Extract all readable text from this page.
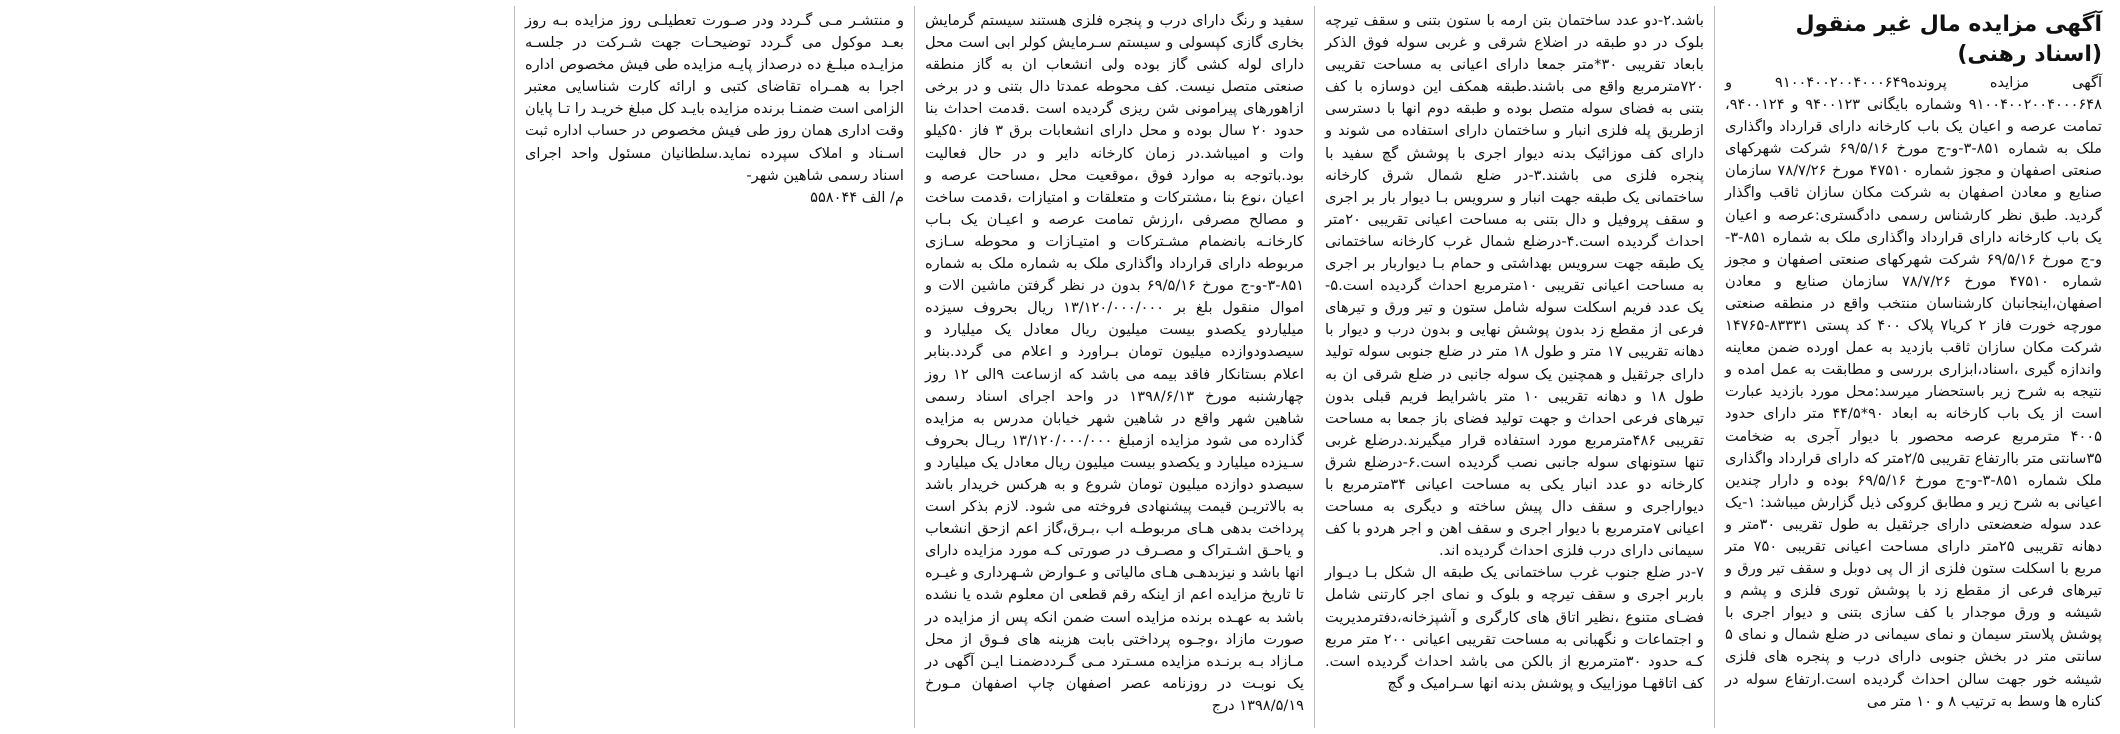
آگهی مزایده مال غیر منقول (اسناد رهنی)

آگهی مزایده پرونده۹۱۰۰۴۰۰۲۰۰۴۰۰۰۶۴۹ و ۹۱۰۰۴۰۰۲۰۰۴۰۰۰۶۴۸ وشماره بایگانی ۹۴۰۰۱۲۳ و ۹۴۰۰۱۲۴، تمامت عرصه و اعیان یک باب کارخانه دارای قرارداد واگذاری ملک به شماره ۸۵۱-۳-و-ج مورخ ۶۹/۵/۱۶ شرکت شهرکهای صنعتی اصفهان و مجوز شماره ۴۷۵۱۰ مورخ ۷۸/۷/۲۶ سازمان صنایع و معادن اصفهان به شرکت مکان سازان ثاقب واگذار گردید. طبق نظر کارشناس رسمی دادگستری:عرصه و اعیان یک باب کارخانه دارای قرارداد واگذاری ملک به شماره ۸۵۱-۳-و-ج مورخ ۶۹/۵/۱۶ شرکت شهرکهای صنعتی اصفهان و مجوز شماره ۴۷۵۱۰ مورخ ۷۸/۷/۲۶ سازمان صنایع و معادن اصفهان،اینجانبان کارشناسان منتخب واقع در منطقه صنعتی مورچه خورت فاز ۲ کریا۷ پلاک ۴۰۰ کد پستی ۸۳۳۳۱-۱۴۷۶۵ شرکت مکان سازان ثاقب بازدید به عمل اورده ضمن معاینه واندازه گیری ،اسناد،ابزاری بررسی و مطابقت به عمل امده و نتیجه به شرح زیر باستحضار میرسد:محل مورد بازدید عبارت است از یک باب کارخانه به ابعاد ۹۰*۴۴/۵ متر دارای حدود ۴۰۰۵ مترمربع عرصه محصور با دیوار آجری به ضخامت ۳۵سانتی متر باارتفاع تقریبی ۲/۵متر که دارای قرارداد واگذاری ملک شماره ۸۵۱-۳-و-ج مورخ ۶۹/۵/۱۶ بوده و دارار چندین اعیانی به شرح زیر و مطابق کروکی ذیل گزارش میباشد: ۱-یک عدد سوله ضعضعتی دارای جرثقیل به طول تقریبی ۳۰متر و دهانه تقریبی ۲۵متر دارای مساحت اعیانی تقریبی ۷۵۰ متر مربع با اسکلت ستون فلزی از ال پی دوبل و سقف تیر ورق و تیرهای فرعی از مقطع زد با پوشش توری فلزی و پشم و شیشه و ورق موجدار با کف سازی بتنی و دیوار اجری با پوشش پلاستر سیمان و نمای سیمانی در ضلع شمال و نمای ۵ سانتی متر در بخش جنوبی دارای درب و پنجره های فلزی شیشه خور جهت سالن احداث گردیده است.ارتفاع سوله در کناره ها وسط به ترتیب ۸ و ۱۰ متر می

باشد.۲-دو عدد ساختمان بتن ارمه با ستون بتنی و سقف تیرچه بلوک در دو طبقه در اضلاع شرقی و غربی سوله فوق الذکر بابعاد تقریبی ۳۰*متر جمعا دارای اعیانی به مساحت تقریبی ۷۲۰مترمربع واقع می باشند.طبقه همکف این دوسازه با کف بتنی به فضای سوله متصل بوده و طبقه دوم انها با دسترسی ازطریق پله فلزی انبار و ساختمان دارای استفاده می شوند و دارای کف موزائیک بدنه دیوار اجری با پوشش گچ سفید با پنجره فلزی می باشند.۳-در ضلع شمال شرق کارخانه ساختمانی یک طبقه جهت انبار و سرویس بـا دیوار بار بر اجری و سقف پروفیل و دال بتنی به مساحت اعیانی تقریبی ۲۰متر احداث گردیده است.۴-درضلع شمال غرب کارخانه ساختمانی یک طبقه جهت سرویس بهداشتی و حمام بـا دیواربار بر اجری به مساحت اعیانی تقریبی ۱۰مترمربع احداث گردیده است.۵-یک عدد فریم اسکلت سوله شامل ستون و تیر ورق و تیرهای فرعی از مقطع زد بدون پوشش نهایی و بدون درب و دیوار با دهانه تقریبی ۱۷ متر و طول ۱۸ متر در ضلع جنوبی سوله تولید دارای جرثقیل و همچنین یک سوله جانبی در ضلع شرقی ان به طول ۱۸ و دهانه تقریبی ۱۰ متر باشرایط فریم قبلی بدون تیرهای فرعی احداث و جهت تولید فضای باز جمعا به مساحت تقریبی ۴۸۶مترمربع مورد استفاده قرار میگیرند.درضلع غربی تنها ستونهای سوله جانبی نصب گردیده است.۶-درضلع شرق کارخانه دو عدد انبار یکی به مساحت اعیانی ۳۴مترمربع با دیواراجری و سقف دال پیش ساخته و دیگری به مساحت اعیانی ۷مترمربع با دیوار اجری و سقف اهن و اجر هردو با کف سیمانی دارای درب فلزی احداث گردیده اند.

۷-در ضلع جنوب غرب ساختمانی یک طبقه ال شکل بـا دیـوار باربر اجری و سقف تیرچه و بلوک و نمای اجر کارتنی شامل فضـای متنوع ،نظیر اتاق های کارگری و آشپزخانه،دفترمدیریت و اجتماعات و نگهبانی به مساحت تقریبی اعیانی ۲۰۰ متر مربع کـه حدود ۳۰مترمربع از بالکن می باشد احداث گردیده است. کف اتاقهـا موزاییک و پوشش بدنه انها سـرامیک و گچ

سفید و رنگ دارای درب و پنجره فلزی هستند سیستم گرمایش بخاری گازی کپسولی و سیستم سـرمایش کولر ابی است محل دارای لوله کشی گاز بوده ولی انشعاب ان به گاز منطقه صنعتی متصل نیست. کف محوطه عمدتا دال بتنی و در برخی ازاهورهای پیرامونی شن ریزی گردیده است .قدمت احداث بنا حدود ۲۰ سال بوده و محل دارای انشعابات برق ۳ فاز ۵۰کیلو وات و امیباشد.در زمان کارخانه دایر و در حال فعالیت بود.باتوجه به موارد فوق ،موقعیت محل ،مساحت عرصه و اعیان ،نوع بنا ،مشترکات و متعلقات و امتیازات ،قدمت ساخت و مصالح مصرفی ،ارزش تمامت عرصه و اعیـان یک بـاب کارخانـه بانضمام مشـترکات و امتیـازات و محوطه سـازی مربوطه دارای قرارداد واگذاری ملک به شماره ملک به شماره ۸۵۱-۳-و-ج مورخ ۶۹/۵/۱۶ بدون در نظر گرفتن ماشین الات و اموال منقول بلغ بر ۱۳/۱۲۰/۰۰۰/۰۰۰ ریال بحروف سیزده میلیاردو یکصدو بیست میلیون ریال معادل یک میلیارد و سیصدودوازده میلیون تومان بـراورد و اعلام می گردد.بنابر اعلام بستانکار فاقد بیمه می باشد که ازساعت ۹الی ۱۲ روز چهارشنبه مورخ ۱۳۹۸/۶/۱۳ در واحد اجرای اسناد رسمی شاهین شهر واقع در شاهین شهر خیابان مدرس به مزایده گذارده می شود مزایده ازمبلغ ۱۳/۱۲۰/۰۰۰/۰۰۰ ریـال بحروف سـیزده میلیارد و یکصدو بیست میلیون ریال معادل یک میلیارد و سیصدو دوازده میلیون تومان شروع و به هرکس خریدار باشد به بالاتریـن قیمت پیشنهادی فروخته می شود. لازم بذکر است پرداخت بدهی هـای مربوطـه اب ،بـرق،گاز اعم ازحق انشعاب و یاحـق اشـتراک و مصـرف در صورتی کـه مورد مزایده دارای انها باشد و نیزبدهـی هـای مالیاتی و عـوارض شـهرداری و غیـره تا تاریخ مزایده اعم از اینکه رقم قطعی ان معلوم شده یا نشده باشد به عهـده برنده مزایده است ضمن انکه پس از مزایده در صورت مازاد ،وجـوه پرداختی بابت هزینه های فـوق از محل مـازاد بـه برنـده مزایده مسـترد مـی گـرددضمنـا ایـن آگهی در یک نوبـت در روزنامه عصر اصفهان چاپ اصفهان مـورخ ۱۳۹۸/۵/۱۹ درج

و منتشـر مـی گـردد ودر صـورت تعطیلـی روز مزایده بـه روز بعـد موکول می گـردد توضیحـات جهت شـرکت در جلسـه مزایـده مبلـغ ده درصداز پایـه مزایده طی فیش مخصوص اداره اجرا به همـراه تقاضای کتبی و ارائه کارت شناسایی معتبر الزامی است ضمنـا برنده مزایده بایـد کل مبلغ خریـد را تـا پایان وقت اداری همان روز طی فیش مخصوص در حساب اداره ثبت اسـناد و املاک سپرده نماید.سلطانیان مسئول واحد اجرای اسناد رسمی شاهین شهر-

م/ الف ۵۵۸۰۴۴
